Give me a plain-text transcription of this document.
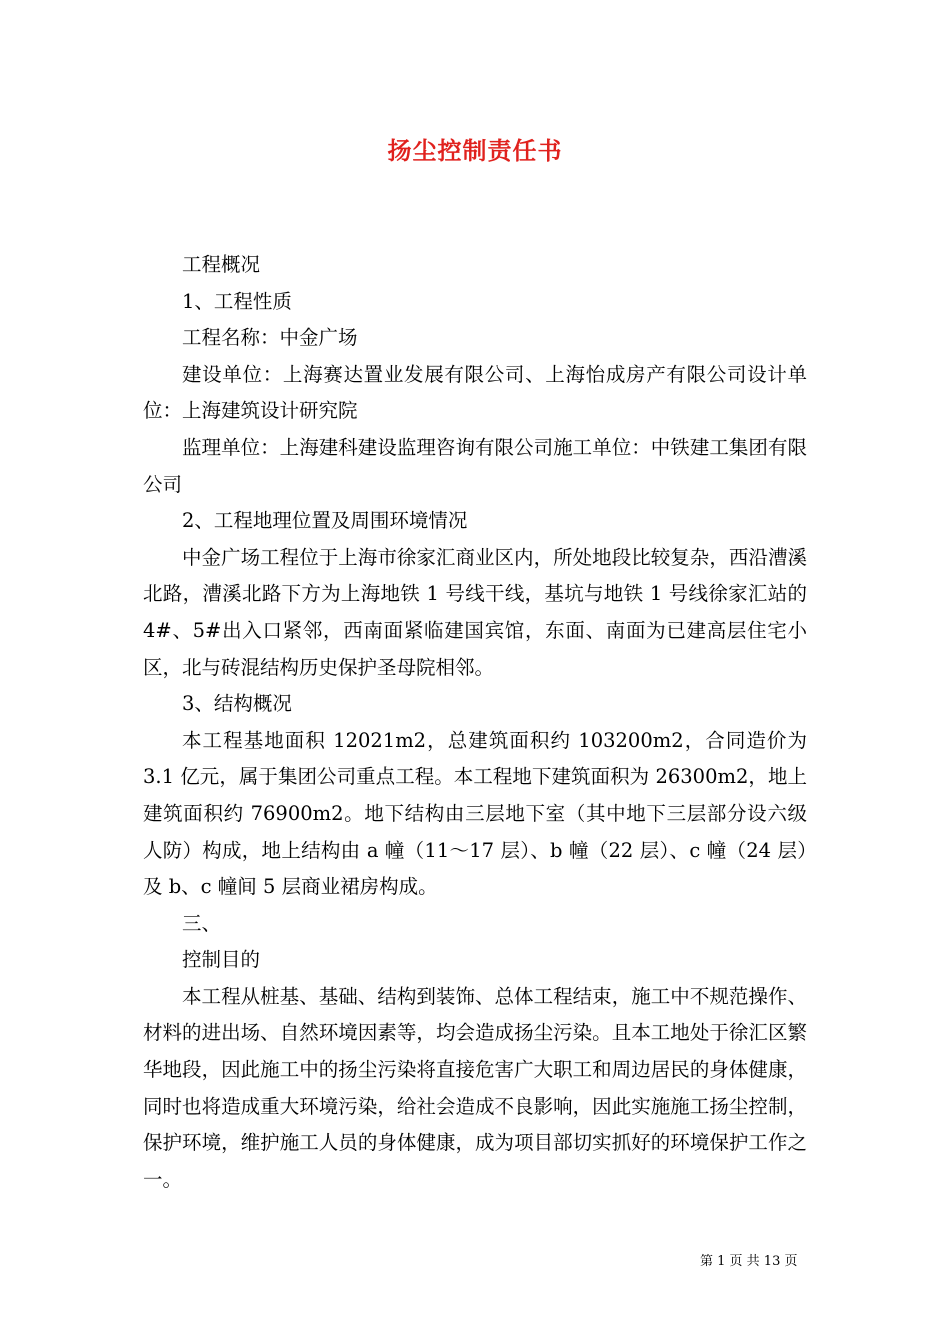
扬尘控制责任书

工程概况

1、工程性质

工程名称：中金广场

建设单位：上海赛达置业发展有限公司、上海怡成房产有限公司设计单位：上海建筑设计研究院

监理单位：上海建科建设监理咨询有限公司施工单位：中铁建工集团有限公司

2、工程地理位置及周围环境情况

中金广场工程位于上海市徐家汇商业区内，所处地段比较复杂，西沿漕溪北路，漕溪北路下方为上海地铁 1 号线干线，基坑与地铁 1 号线徐家汇站的 4#、5#出入口紧邻，西南面紧临建国宾馆，东面、南面为已建高层住宅小区，北与砖混结构历史保护圣母院相邻。

3、结构概况

本工程基地面积 12021m2，总建筑面积约 103200m2，合同造价为 3.1 亿元，属于集团公司重点工程。本工程地下建筑面积为 26300m2，地上建筑面积约 76900m2。地下结构由三层地下室（其中地下三层部分设六级人防）构成，地上结构由 a 幢（11～17 层）、b 幢（22 层）、c 幢（24 层）及 b、c 幢间 5 层商业裙房构成。

三、

控制目的

本工程从桩基、基础、结构到装饰、总体工程结束，施工中不规范操作、材料的进出场、自然环境因素等，均会造成扬尘污染。且本工地处于徐汇区繁华地段，因此施工中的扬尘污染将直接危害广大职工和周边居民的身体健康，同时也将造成重大环境污染，给社会造成不良影响，因此实施施工扬尘控制，保护环境，维护施工人员的身体健康，成为项目部切实抓好的环境保护工作之一。

第 1 页 共 13 页
